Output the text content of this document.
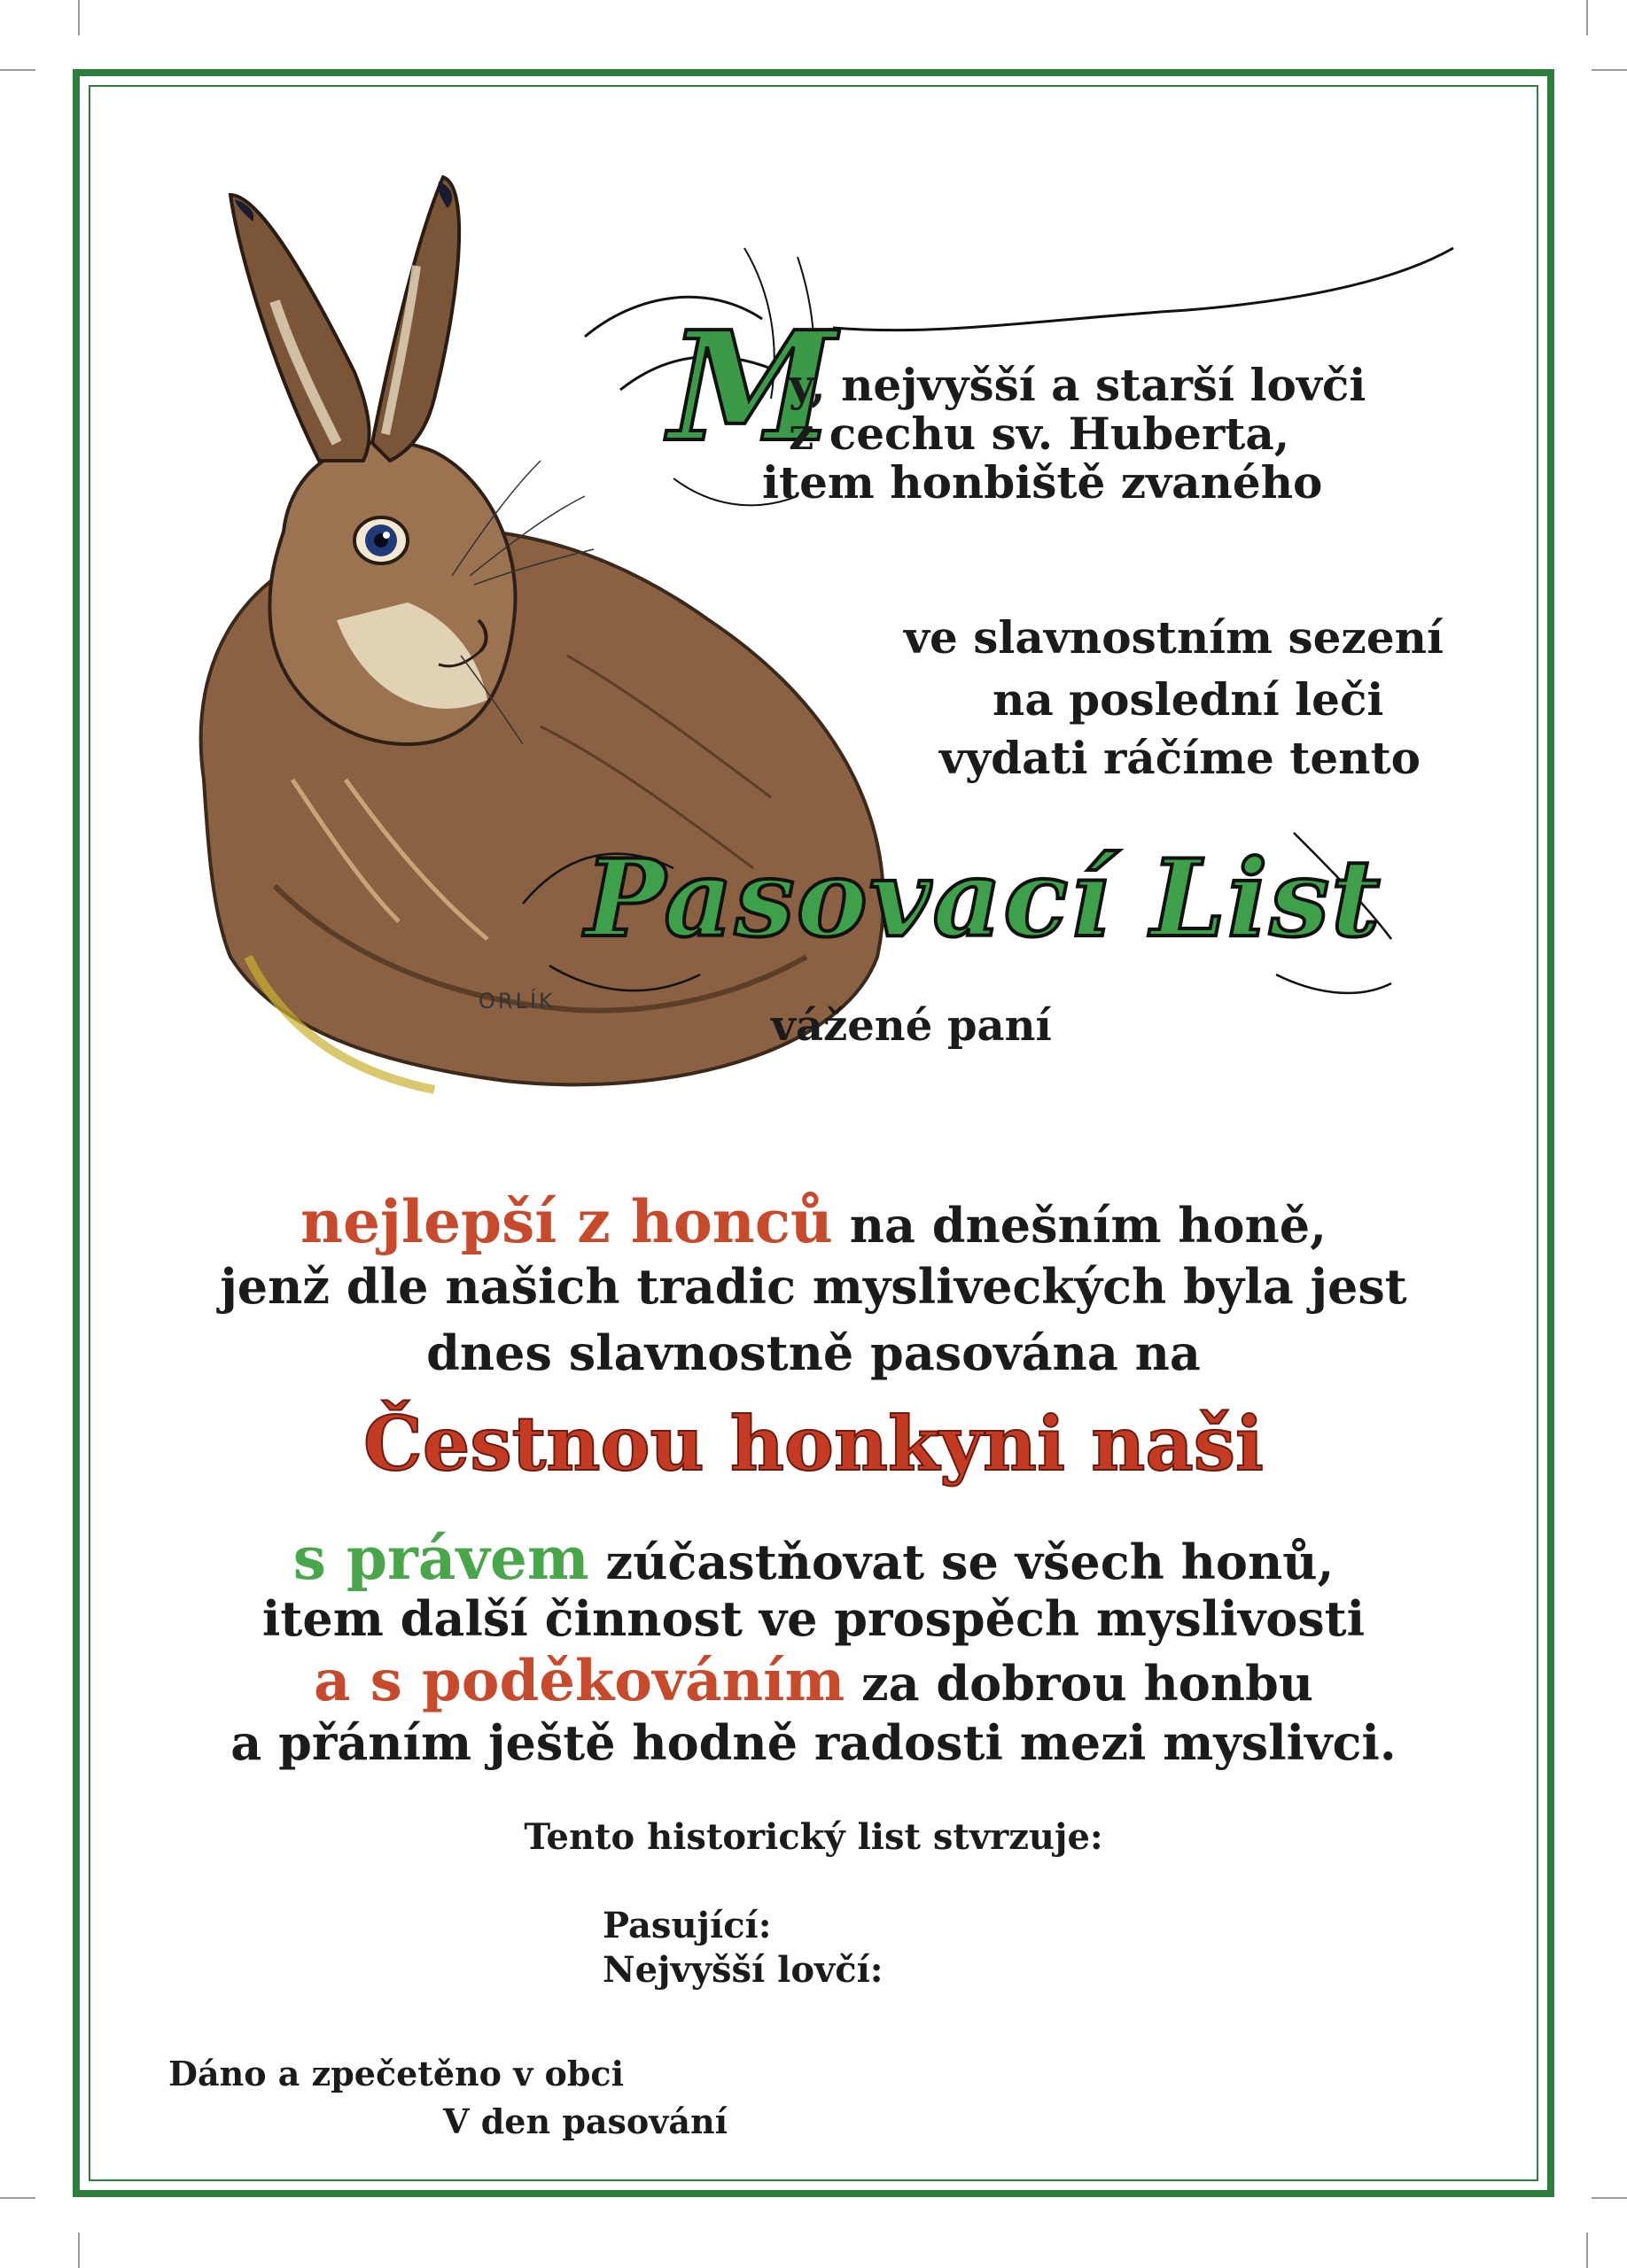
M
y, nejvyšší a starší lovči
z cechu sv. Huberta,
item honbiště zvaného
ve slavnostním sezení
na poslední leči
vydati ráčíme tento
Pasovací List
ORLÍK	vážené paní
nejlepší z honců na dnešním honě,
jenž dle našich tradic mysliveckých byla jest
dnes slavnostně pasována na
Čestnou honkyni naši
s právem zúčastňovat se všech honů,
item další činnost ve prospěch myslivosti
a s poděkováním za dobrou honbu
a přáním ještě hodně radosti mezi myslivci.
Tento historický list stvrzuje:
Pasující:
Nejvyšší lovčí:
Dáno a zpečetěno v obci
V den pasování
